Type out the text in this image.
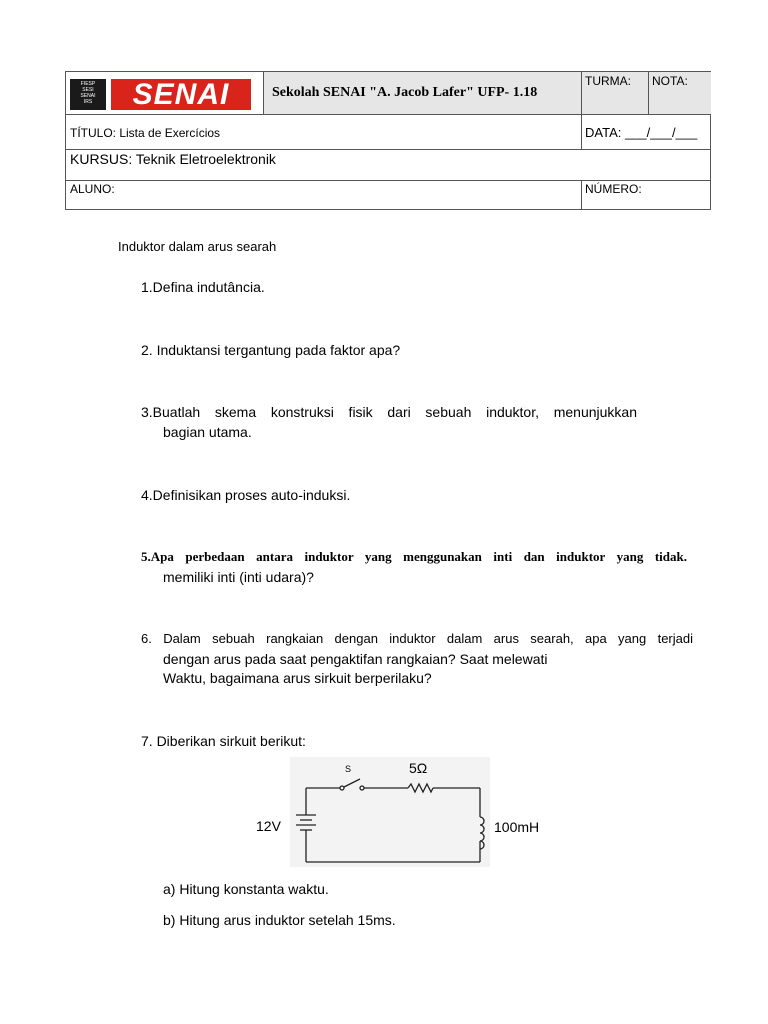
FIESP
SESI
SENAI
IRS	SENAI	Sekolah SENAI "A. Jacob Lafer" UFP- 1.18
TURMA: NOTA:
TÍTULO: Lista de Exercícios	DATA: ___/___/___
KURSUS: Teknik Eletroelektronik
ALUNO:	NÚMERO:
Induktor dalam arus searah
1.Defina indutância.
2. Induktansi tergantung pada faktor apa?
3.Buatlah skema konstruksi fisik dari sebuah induktor, menunjukkan
bagian utama.
4.Definisikan proses auto-induksi.
5.Apa perbedaan antara induktor yang menggunakan inti dan induktor yang tidak.
memiliki inti (inti udara)?
6. Dalam sebuah rangkaian dengan induktor dalam arus searah, apa yang terjadi
dengan arus pada saat pengaktifan rangkaian? Saat melewati
Waktu, bagaimana arus sirkuit berperilaku?
7. Diberikan sirkuit berikut:
S	5Ω
12V	100mH
a) Hitung konstanta waktu.
b) Hitung arus induktor setelah 15ms.
